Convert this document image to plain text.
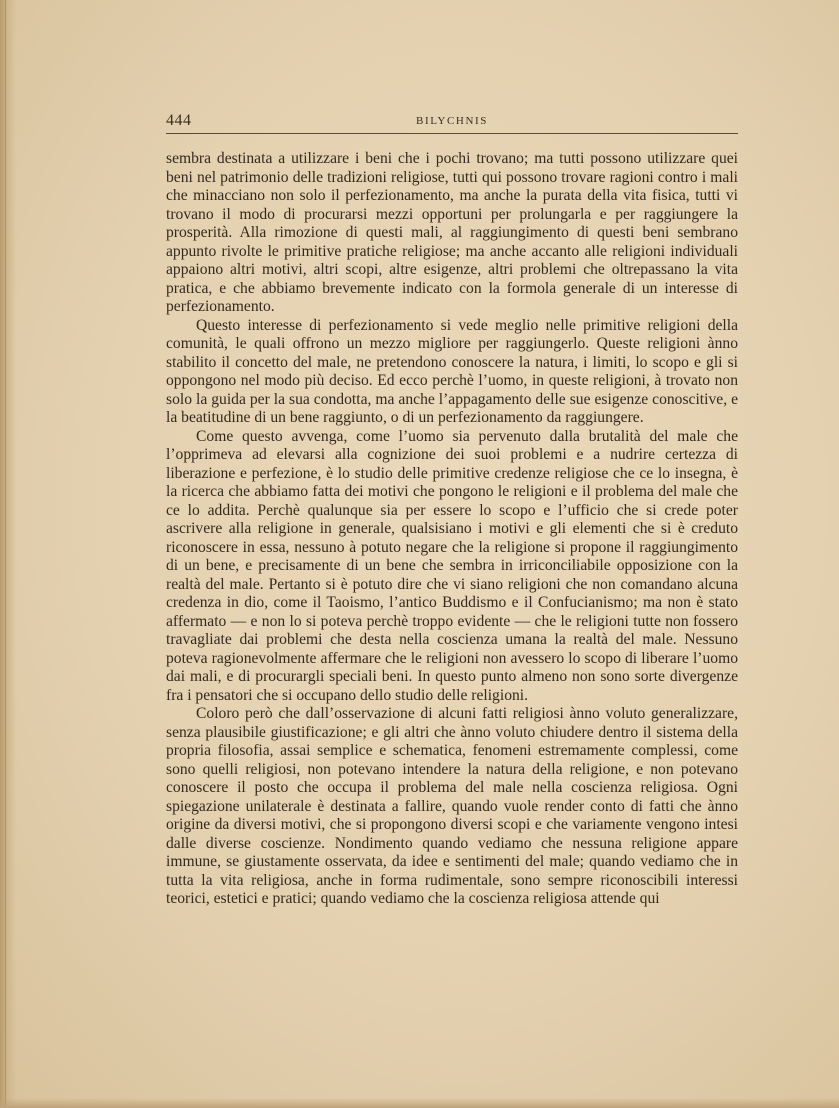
444	BILYCHNIS

sembra destinata a utilizzare i beni che i pochi trovano; ma tutti possono utilizzare quei beni nel patrimonio delle tradizioni religiose, tutti qui possono trovare ragioni contro i mali che minacciano non solo il perfezionamento, ma anche la purata della vita fisica, tutti vi trovano il modo di procurarsi mezzi opportuni per prolungarla e per raggiungere la prosperità. Alla rimozione di questi mali, al raggiungimento di questi beni sembrano appunto rivolte le primitive pratiche religiose; ma anche accanto alle religioni individuali appaiono altri motivi, altri scopi, altre esigenze, altri problemi che oltrepassano la vita pratica, e che abbiamo brevemente indicato con la formola generale di un interesse di perfezionamento.

Questo interesse di perfezionamento si vede meglio nelle primitive religioni della comunità, le quali offrono un mezzo migliore per raggiungerlo. Queste religioni ànno stabilito il concetto del male, ne pretendono conoscere la natura, i limiti, lo scopo e gli si oppongono nel modo più deciso. Ed ecco perchè l’uomo, in queste religioni, à trovato non solo la guida per la sua condotta, ma anche l’appagamento delle sue esigenze conoscitive, e la beatitudine di un bene raggiunto, o di un perfezionamento da raggiungere.

Come questo avvenga, come l’uomo sia pervenuto dalla brutalità del male che l’opprimeva ad elevarsi alla cognizione dei suoi problemi e a nudrire certezza di liberazione e perfezione, è lo studio delle primitive credenze religiose che ce lo insegna, è la ricerca che abbiamo fatta dei motivi che pongono le religioni e il problema del male che ce lo addita. Perchè qualunque sia per essere lo scopo e l’ufficio che si crede poter ascrivere alla religione in generale, qualsisiano i motivi e gli elementi che si è creduto riconoscere in essa, nessuno à potuto negare che la religione si propone il raggiungimento di un bene, e precisamente di un bene che sembra in irriconciliabile opposizione con la realtà del male. Pertanto si è potuto dire che vi siano religioni che non comandano alcuna credenza in dio, come il Taoismo, l’antico Buddismo e il Confucianismo; ma non è stato affermato — e non lo si poteva perchè troppo evidente — che le religioni tutte non fossero travagliate dai problemi che desta nella coscienza umana la realtà del male. Nessuno poteva ragionevolmente affermare che le religioni non avessero lo scopo di liberare l’uomo dai mali, e di procurargli speciali beni. In questo punto almeno non sono sorte divergenze fra i pensatori che si occupano dello studio delle religioni.

Coloro però che dall’osservazione di alcuni fatti religiosi ànno voluto generalizzare, senza plausibile giustificazione; e gli altri che ànno voluto chiudere dentro il sistema della propria filosofia, assai semplice e schematica, fenomeni estremamente complessi, come sono quelli religiosi, non potevano intendere la natura della religione, e non potevano conoscere il posto che occupa il problema del male nella coscienza religiosa. Ogni spiegazione unilaterale è destinata a fallire, quando vuole render conto di fatti che ànno origine da diversi motivi, che si propongono diversi scopi e che variamente vengono intesi dalle diverse coscienze. Nondimento quando vediamo che nessuna religione appare immune, se giustamente osservata, da idee e sentimenti del male; quando vediamo che in tutta la vita religiosa, anche in forma rudimentale, sono sempre riconoscibili interessi teorici, estetici e pratici; quando vediamo che la coscienza religiosa attende qui
